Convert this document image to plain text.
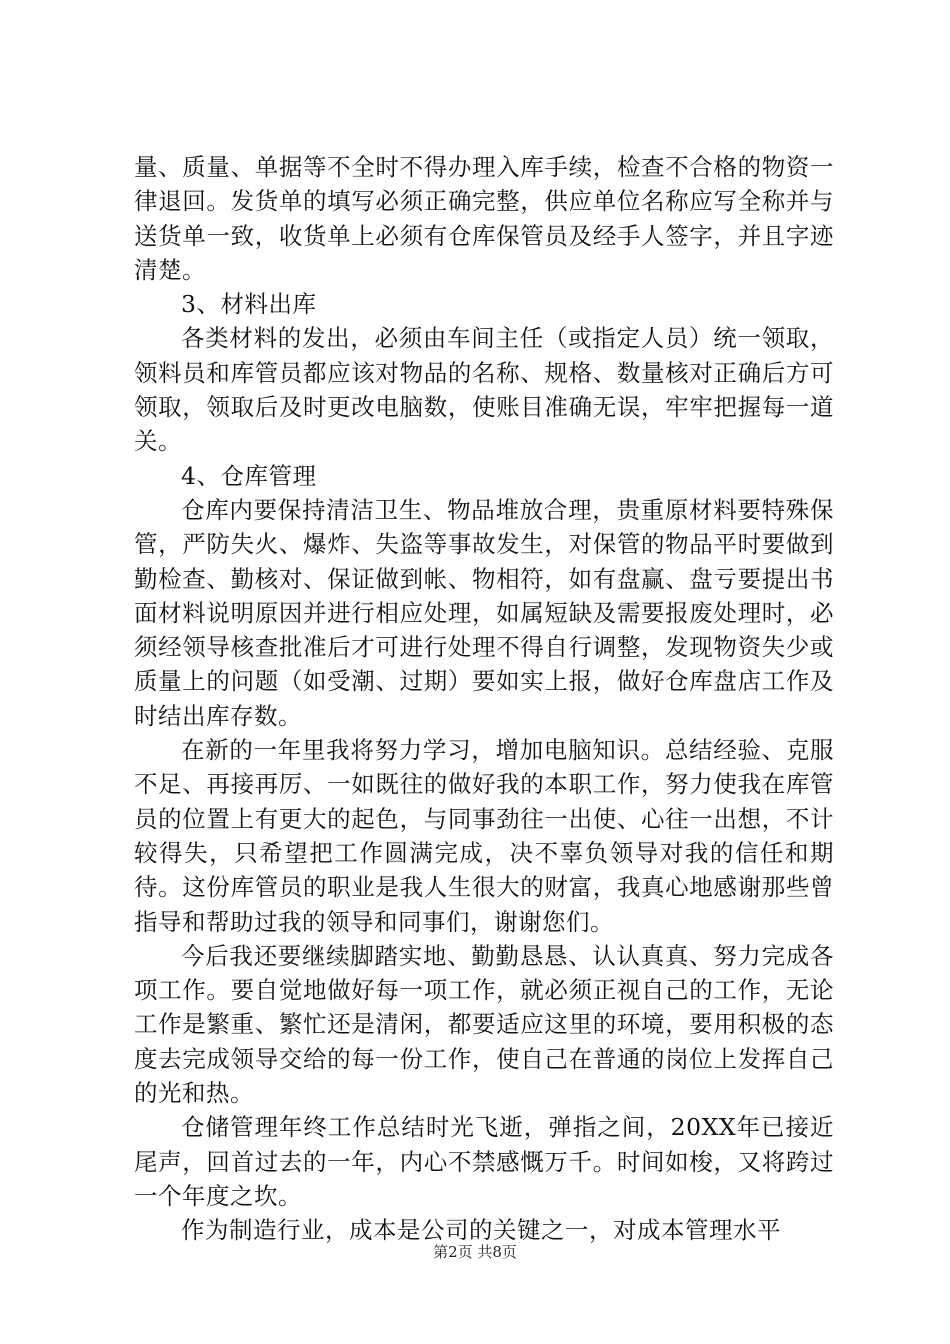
量、质量、单据等不全时不得办理入库手续，检查不合格的物资一律退回。发货单的填写必须正确完整，供应单位名称应写全称并与送货单一致，收货单上必须有仓库保管员及经手人签字，并且字迹清楚。

3、材料出库

各类材料的发出，必须由车间主任（或指定人员）统一领取，领料员和库管员都应该对物品的名称、规格、数量核对正确后方可领取，领取后及时更改电脑数，使账目准确无误，牢牢把握每一道关。

4、仓库管理

仓库内要保持清洁卫生、物品堆放合理，贵重原材料要特殊保管，严防失火、爆炸、失盗等事故发生，对保管的物品平时要做到勤检查、勤核对、保证做到帐、物相符，如有盘赢、盘亏要提出书面材料说明原因并进行相应处理，如属短缺及需要报废处理时，必须经领导核查批准后才可进行处理不得自行调整，发现物资失少或质量上的问题（如受潮、过期）要如实上报，做好仓库盘店工作及时结出库存数。

在新的一年里我将努力学习，增加电脑知识。总结经验、克服不足、再接再厉、一如既往的做好我的本职工作，努力使我在库管员的位置上有更大的起色，与同事劲往一出使、心往一出想，不计较得失，只希望把工作圆满完成，决不辜负领导对我的信任和期待。这份库管员的职业是我人生很大的财富，我真心地感谢那些曾指导和帮助过我的领导和同事们，谢谢您们。

今后我还要继续脚踏实地、勤勤恳恳、认认真真、努力完成各项工作。要自觉地做好每一项工作，就必须正视自己的工作，无论工作是繁重、繁忙还是清闲，都要适应这里的环境，要用积极的态度去完成领导交给的每一份工作，使自己在普通的岗位上发挥自己的光和热。

仓储管理年终工作总结时光飞逝，弹指之间，20XX年已接近尾声，回首过去的一年，内心不禁感慨万千。时间如梭，又将跨过一个年度之坎。

作为制造行业，成本是公司的关键之一，对成本管理水平

第2页 共8页
